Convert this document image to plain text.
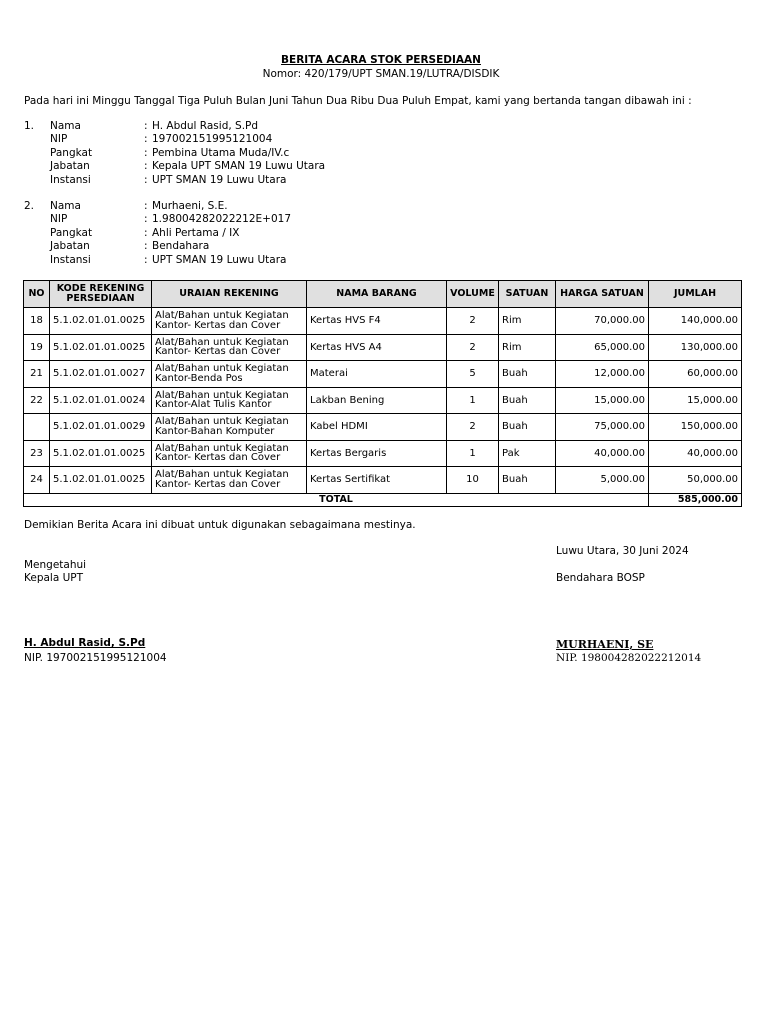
BERITA ACARA STOK PERSEDIAAN
Nomor: 420/179/UPT SMAN.19/LUTRA/DISDIK
Pada hari ini Minggu Tanggal Tiga Puluh Bulan Juni Tahun Dua Ribu Dua Puluh Empat, kami yang bertanda tangan dibawah ini :
1. Nama	: H. Abdul Rasid, S.Pd
NIP	: 197002151995121004
Pangkat	: Pembina Utama Muda/IV.c
Jabatan	: Kepala UPT SMAN 19 Luwu Utara
Instansi	: UPT SMAN 19 Luwu Utara
2. Nama	: Murhaeni, S.E.
NIP	: 1.98004282022212E+017
Pangkat	: Ahli Pertama / IX
Jabatan	: Bendahara
Instansi	: UPT SMAN 19 Luwu Utara
NO	KODE REKENING PERSEDIAAN	URAIAN REKENING	NAMA BARANG	VOLUME	SATUAN	HARGA SATUAN	JUMLAH
18	5.1.02.01.01.0025	Alat/Bahan untuk Kegiatan
Kantor- Kertas dan Cover	Kertas HVS F4	2	Rim	70,000.00	140,000.00
19	5.1.02.01.01.0025	Alat/Bahan untuk Kegiatan
Kantor- Kertas dan Cover	Kertas HVS A4	2	Rim	65,000.00	130,000.00
21	5.1.02.01.01.0027	Alat/Bahan untuk Kegiatan
Kantor-Benda Pos	Materai	5	Buah	12,000.00	60,000.00
22	5.1.02.01.01.0024	Alat/Bahan untuk Kegiatan
Kantor-Alat Tulis Kantor	Lakban Bening	1	Buah	15,000.00	15,000.00
	5.1.02.01.01.0029	Alat/Bahan untuk Kegiatan
Kantor-Bahan Komputer	Kabel HDMI	2	Buah	75,000.00	150,000.00
23	5.1.02.01.01.0025	Alat/Bahan untuk Kegiatan
Kantor- Kertas dan Cover	Kertas Bergaris	1	Pak	40,000.00	40,000.00
24	5.1.02.01.01.0025	Alat/Bahan untuk Kegiatan
Kantor- Kertas dan Cover	Kertas Sertifikat	10	Buah	5,000.00	50,000.00
TOTAL							585,000.00
Demikian Berita Acara ini dibuat untuk digunakan sebagaimana mestinya.
Luwu Utara, 30 Juni 2024
Mengetahui
Kepala UPT	Bendahara BOSP
H. Abdul Rasid, S.Pd
NIP. 197002151995121004
MURHAENI, SE
NIP. 198004282022212014
